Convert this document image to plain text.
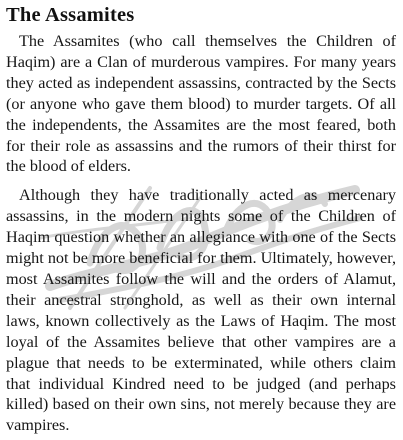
The Assamites

The Assamites (who call themselves the Children of Haqim) are a Clan of murderous vampires. For many years they acted as independent assassins, contracted by the Sects (or anyone who gave them blood) to murder targets. Of all the independents, the Assamites are the most feared, both for their role as assassins and the rumors of their thirst for the blood of elders.

Although they have traditionally acted as mercenary assassins, in the modern nights some of the Children of Haqim question whether an allegiance with one of the Sects might not be more beneficial for them. Ultimately, however, most Assamites follow the will and the orders of Alamut, their ancestral stronghold, as well as their own internal laws, known collectively as the Laws of Haqim. The most loyal of the Assamites believe that other vampires are a plague that needs to be exterminated, while others claim that individual Kindred need to be judged (and perhaps killed) based on their own sins, not merely because they are vampires.
